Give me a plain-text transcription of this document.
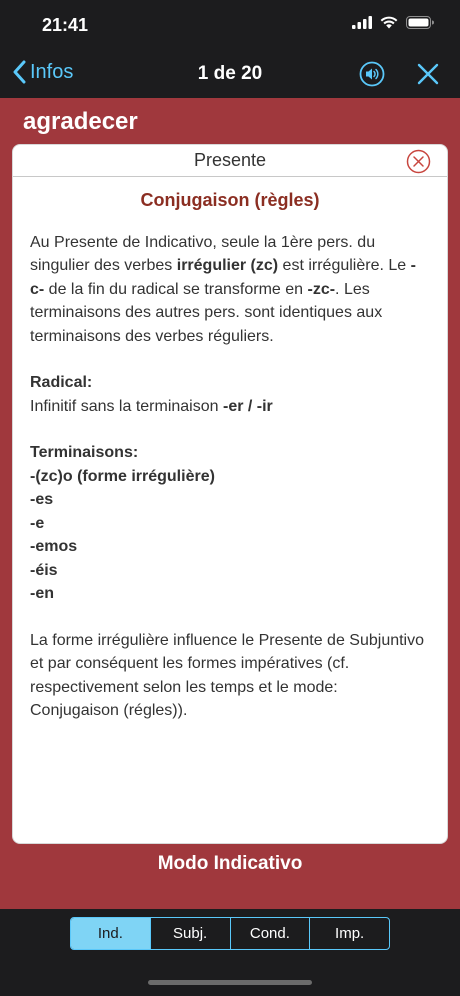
21:41
Infos	1 de 20
agradecer
Presente
Conjugaison (règles)

Au Presente de Indicativo, seule la 1ère pers. du singulier des verbes irrégulier (zc) est irrégulière. Le -c- de la fin du radical se transforme en -zc-. Les terminaisons des autres pers. sont identiques aux terminaisons des verbes réguliers.

Radical:

Infinitif sans la terminaison -er / -ir

Terminaisons:

-(zc)o (forme irrégulière)

-es

-e

-emos

-éis

-en

La forme irrégulière influence le Presente de Subjuntivo et par conséquent les formes impératives (cf. respectivement selon les temps et le mode: Conjugaison (régles)).

Modo Indicativo
Ind.	Subj.	Cond.	Imp.
